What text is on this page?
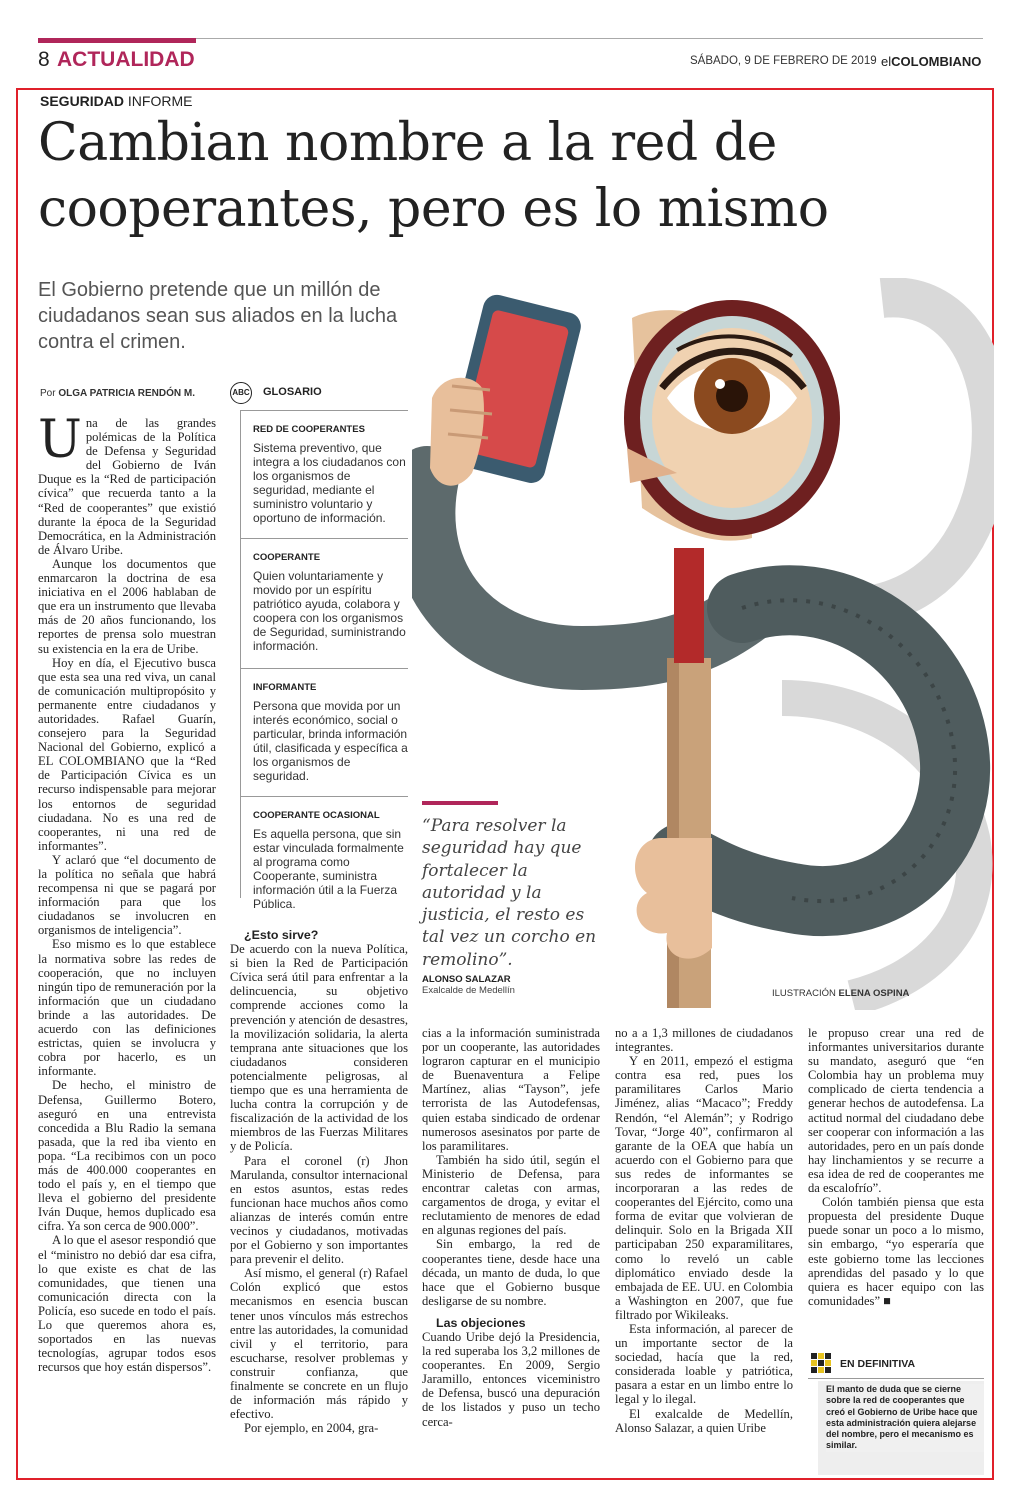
8 ACTUALIDAD	SÁBADO, 9 DE FEBRERO DE 2019 elCOLOMBIANO
SEGURIDAD INFORME
Cambian nombre a la red de cooperantes, pero es lo mismo
El Gobierno pretende que un millón de ciudadanos sean sus aliados en la lucha contra el crimen.
Por OLGA PATRICIA RENDÓN M.
ILUSTRACIÓN ELENA OSPINA
ABC GLOSARIO
RED DE COOPERANTES
Sistema preventivo, que integra a los ciudadanos con los organismos de seguridad, mediante el suministro voluntario y oportuno de información.
COOPERANTE
Quien voluntariamente y movido por un espíritu patriótico ayuda, colabora y coopera con los organismos de Seguridad, suministrando información.
INFORMANTE
Persona que movida por un interés económico, social o particular, brinda información útil, clasificada y específica a los organismos de seguridad.
COOPERANTE OCASIONAL
Es aquella persona, que sin estar vinculada formalmente al programa como Cooperante, suministra información útil a la Fuerza Pública.
“Para resolver la seguridad hay que fortalecer la autoridad y la justicia, el resto es tal vez un corcho en remolino”.
ALONSO SALAZAR
Exalcalde de Medellín

Una de las grandes polémicas de la Política de Defensa y Seguridad del Gobierno de Iván Duque es la “Red de participación cívica” que recuerda tanto a la “Red de cooperantes” que existió durante la época de la Seguridad Democrática, en la Administración de Álvaro Uribe.

Aunque los documentos que enmarcaron la doctrina de esa iniciativa en el 2006 hablaban de que era un instrumento que llevaba más de 20 años funcionando, los reportes de prensa solo muestran su existencia en la era de Uribe.

Hoy en día, el Ejecutivo busca que esta sea una red viva, un canal de comunicación multipropósito y permanente entre ciudadanos y autoridades. Rafael Guarín, consejero para la Seguridad Nacional del Gobierno, explicó a EL COLOMBIANO que la “Red de Participación Cívica es un recurso indispensable para mejorar los entornos de seguridad ciudadana. No es una red de cooperantes, ni una red de informantes”.

Y aclaró que “el documento de la política no señala que habrá recompensa ni que se pagará por información para que los ciudadanos se involucren en organismos de inteligencia”.

Eso mismo es lo que establece la normativa sobre las redes de cooperación, que no incluyen ningún tipo de remuneración por la información que un ciudadano brinde a las autoridades. De acuerdo con las definiciones estrictas, quien se involucra y cobra por hacerlo, es un informante.

De hecho, el ministro de Defensa, Guillermo Botero, aseguró en una entrevista concedida a Blu Radio la semana pasada, que la red iba viento en popa. “La recibimos con un poco más de 400.000 cooperantes en todo el país y, en el tiempo que lleva el gobierno del presidente Iván Duque, hemos duplicado esa cifra. Ya son cerca de 900.000”.

A lo que el asesor respondió que el “ministro no debió dar esa cifra, lo que existe es chat de las comunidades, que tienen una comunicación directa con la Policía, eso sucede en todo el país. Lo que queremos ahora es, soportados en las nuevas tecnologías, agrupar todos esos recursos que hoy están dispersos”.

¿Esto sirve?

De acuerdo con la nueva Política, si bien la Red de Participación Cívica será útil para enfrentar a la delincuencia, su objetivo comprende acciones como la prevención y atención de desastres, la movilización solidaria, la alerta temprana ante situaciones que los ciudadanos consideren potencialmente peligrosas, al tiempo que es una herramienta de lucha contra la corrupción y de fiscalización de la actividad de los miembros de las Fuerzas Militares y de Policía.

Para el coronel (r) Jhon Marulanda, consultor internacional en estos asuntos, estas redes funcionan hace muchos años como alianzas de interés común entre vecinos y ciudadanos, motivadas por el Gobierno y son importantes para prevenir el delito.

Así mismo, el general (r) Rafael Colón explicó que estos mecanismos en esencia buscan tener unos vínculos más estrechos entre las autoridades, la comunidad civil y el territorio, para escucharse, resolver problemas y construir confianza, que finalmente se concrete en un flujo de información más rápido y efectivo.

Por ejemplo, en 2004, gra-

cias a la información suministrada por un cooperante, las autoridades lograron capturar en el municipio de Buenaventura a Felipe Martínez, alias “Tayson”, jefe terrorista de las Autodefensas, quien estaba sindicado de ordenar numerosos asesinatos por parte de los paramilitares.

También ha sido útil, según el Ministerio de Defensa, para encontrar caletas con armas, cargamentos de droga, y evitar el reclutamiento de menores de edad en algunas regiones del país.

Sin embargo, la red de cooperantes tiene, desde hace una década, un manto de duda, lo que hace que el Gobierno busque desligarse de su nombre.

Las objeciones

Cuando Uribe dejó la Presidencia, la red superaba los 3,2 millones de cooperantes. En 2009, Sergio Jaramillo, entonces viceministro de Defensa, buscó una depuración de los listados y puso un techo cerca-

no a a 1,3 millones de ciudadanos integrantes.

Y en 2011, empezó el estigma contra esa red, pues los paramilitares Carlos Mario Jiménez, alias “Macaco”; Freddy Rendón, “el Alemán”; y Rodrigo Tovar, “Jorge 40”, confirmaron al garante de la OEA que había un acuerdo con el Gobierno para que sus redes de informantes se incorporaran a las redes de cooperantes del Ejército, como una forma de evitar que volvieran de delinquir. Solo en la Brigada XII participaban 250 exparamilitares, como lo reveló un cable diplomático enviado desde la embajada de EE. UU. en Colombia a Washington en 2007, que fue filtrado por Wikileaks.

Esta información, al parecer de un importante sector de la sociedad, hacía que la red, considerada loable y patriótica, pasara a estar en un limbo entre lo legal y lo ilegal.

El exalcalde de Medellín, Alonso Salazar, a quien Uribe

le propuso crear una red de informantes universitarios durante su mandato, aseguró que “en Colombia hay un problema muy complicado de cierta tendencia a generar hechos de autodefensa. La actitud normal del ciudadano debe ser cooperar con información a las autoridades, pero en un país donde hay linchamientos y se recurre a esa idea de red de cooperantes me da escalofrío”.

Colón también piensa que esta propuesta del presidente Duque puede sonar un poco a lo mismo, sin embargo, “yo esperaría que este gobierno tome las lecciones aprendidas del pasado y lo que quiera es hacer equipo con las comunidades” ■

EN DEFINITIVA
El manto de duda que se cierne sobre la red de cooperantes que creó el Gobierno de Uribe hace que esta administración quiera alejarse del nombre, pero el mecanismo es similar.
